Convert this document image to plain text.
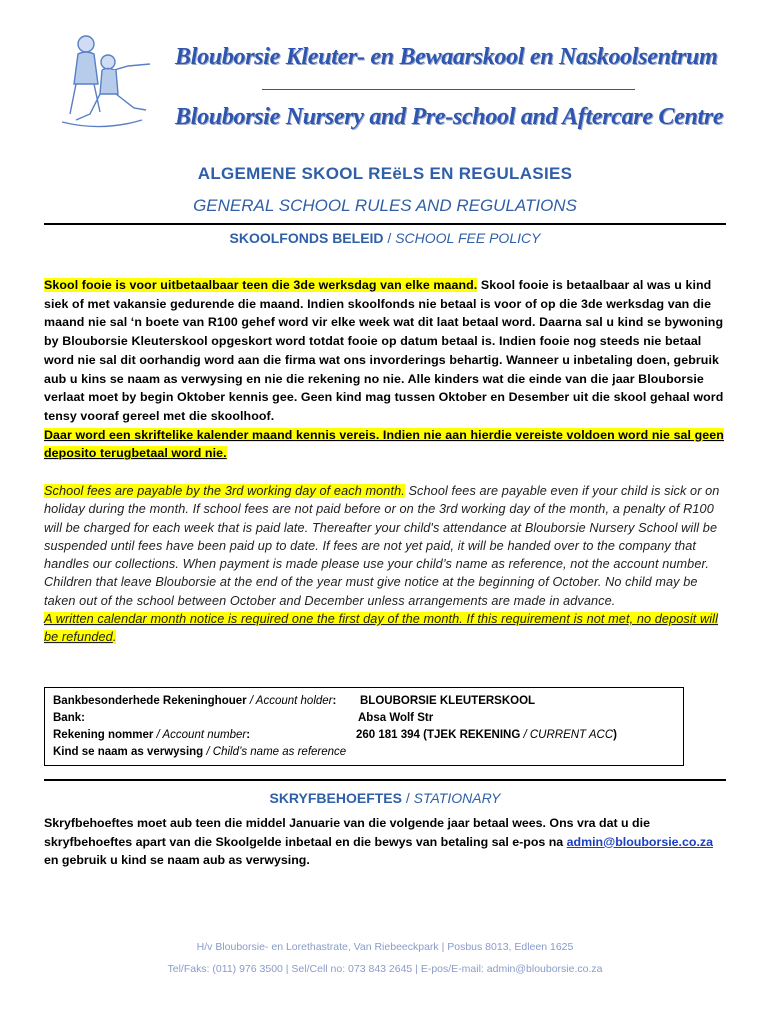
Blouborsie Kleuter- en Bewaarskool en Naskoolsentrum
Blouborsie Nursery and Pre-school and Aftercare Centre
ALGEMENE SKOOL REëLS EN REGULASIES
GENERAL SCHOOL RULES AND REGULATIONS
SKOOLFONDS BELEID / SCHOOL FEE POLICY
Skool fooie is voor uitbetaalbaar teen die 3de werksdag van elke maand. Skool fooie is betaalbaar al was u kind siek of met vakansie gedurende die maand. Indien skoolfonds nie betaal is voor of op die 3de werksdag van die maand nie sal ‘n boete van R100 gehef word vir elke week wat dit laat betaal word. Daarna sal u kind se bywoning by Blouborsie Kleuterskool opgeskort word totdat fooie op datum betaal is. Indien fooie nog steeds nie betaal word nie sal dit oorhandig word aan die firma wat ons invorderings behartig. Wanneer u inbetaling doen, gebruik aub u kins se naam as verwysing en nie die rekening no nie. Alle kinders wat die einde van die jaar Blouborsie verlaat moet by begin Oktober kennis gee. Geen kind mag tussen Oktober en Desember uit die skool gehaal word tensy vooraf gereel met die skoolhoof.
Daar word een skriftelike kalender maand kennis vereis. Indien nie aan hierdie vereiste voldoen word nie sal geen deposito terugbetaal word nie.
School fees are payable by the 3rd working day of each month. School fees are payable even if your child is sick or on holiday during the month. If school fees are not paid before or on the 3rd working day of the month, a penalty of R100 will be charged for each week that is paid late. Thereafter your child's attendance at Blouborsie Nursery School will be suspended until fees have been paid up to date. If fees are not yet paid, it will be handed over to the company that handles our collections. When payment is made please use your child’s name as reference, not the account number. Children that leave Blouborsie at the end of the year must give notice at the beginning of October. No child may be taken out of the school between October and December unless arrangements are made in advance.
A written calendar month notice is required one the first day of the month. If this requirement is not met, no deposit will be refunded.
Bankbesonderhede Rekeninghouer / Account holder: BLOUBORSIE KLEUTERSKOOL
Bank:	Absa Wolf Str
Rekening nommer / Account number:	260 181 394 (TJEK REKENING / CURRENT ACC)
Kind se naam as verwysing / Child’s name as reference
SKRYFBEHOEFTES / STATIONARY
Skryfbehoeftes moet aub teen die middel Januarie van die volgende jaar betaal wees. Ons vra dat u die skryfbehoeftes apart van die Skoolgelde inbetaal en die bewys van betaling sal e-pos na admin@blouborsie.co.za en gebruik u kind se naam aub as verwysing.
H/v Blouborsie- en Lorethastrate, Van Riebeeckpark | Posbus 8013, Edleen 1625
Tel/Faks: (011) 976 3500 | Sel/Cell no: 073 843 2645 | E-pos/E-mail: admin@blouborsie.co.za
